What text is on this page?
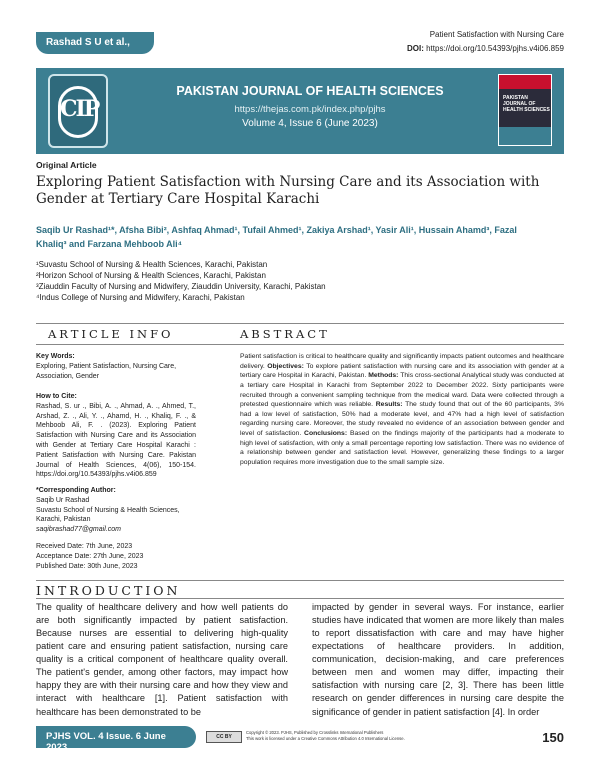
Rashad S U et al.,
Patient Satisfaction with Nursing Care
DOI: https://doi.org/10.54393/pjhs.v4i06.859
CIP
PAKISTAN JOURNAL OF HEALTH SCIENCES
https://thejas.com.pk/index.php/pjhs
Volume 4, Issue 6 (June 2023)
PAKISTAN
JOURNAL OF
HEALTH SCIENCES
Original Article
Exploring Patient Satisfaction with Nursing Care and its Association with Gender at Tertiary Care Hospital Karachi
Saqib Ur Rashad¹*, Afsha Bibi², Ashfaq Ahmad¹, Tufail Ahmed¹, Zakiya Arshad¹, Yasir Ali¹, Hussain Ahamd³, Fazal
Khaliq³ and Farzana Mehboob Ali⁴
¹Suvastu School of Nursing & Health Sciences, Karachi, Pakistan
²Horizon School of Nursing & Health Sciences, Karachi, Pakistan
³Ziauddin Faculty of Nursing and Midwifery, Ziauddin University, Karachi, Pakistan
⁴Indus College of Nursing and Midwifery, Karachi, Pakistan
ARTICLE INFO	ABSTRACT
Key Words:
Exploring, Patient Satisfaction, Nursing Care, Association, Gender
How to Cite:
Rashad, S. ur ., Bibi, A. ., Ahmad, A. ., Ahmed, T., Arshad, Z. ., Ali, Y. ., Ahamd, H. ., Khaliq, F. ., & Mehboob Ali, F. . (2023). Exploring Patient Satisfaction with Nursing Care and its Association with Gender at Tertiary Care Hospital Karachi : Patient Satisfaction with Nursing Care. Pakistan Journal of Health Sciences, 4(06), 150-154. https://doi.org/10.54393/pjhs.v4i06.859
*Corresponding Author:
Saqib Ur Rashad
Suvastu School of Nursing & Health Sciences, Karachi, Pakistan
saqibrashad77@gmail.com
Received Date: 7th June, 2023
Acceptance Date: 27th June, 2023
Published Date: 30th June, 2023
Patient satisfaction is critical to healthcare quality and significantly impacts patient outcomes and healthcare delivery. Objectives: To explore patient satisfaction with nursing care and its association with gender at a tertiary care Hospital in Karachi, Pakistan. Methods: This cross-sectional Analytical study was conducted at a tertiary care Hospital in Karachi from September 2022 to December 2022. Sixty participants were recruited through a convenient sampling technique from the medical ward. Data were collected through a pretested questionnaire which was reliable. Results: The study found that out of the 60 participants, 3% had a low level of satisfaction, 50% had a moderate level, and 47% had a high level of satisfaction regarding nursing care. Moreover, the study revealed no evidence of an association between gender and level of satisfaction. Conclusions: Based on the findings majority of the participants had a moderate to high level of satisfaction, with only a small percentage reporting low satisfaction. There was no evidence of a relationship between gender and satisfaction level. However, generalizing these findings to a larger population requires more investigation due to the small sample size.
INTRODUCTION
The quality of healthcare delivery and how well patients do are both significantly impacted by patient satisfaction. Because nurses are essential to delivering high-quality patient care and ensuring patient satisfaction, nursing care quality is a critical component of healthcare quality overall. The patient's gender, among other factors, may impact how happy they are with their nursing care and how they view and interact with healthcare [1]. Patient satisfaction with healthcare has been demonstrated to be
impacted by gender in several ways. For instance, earlier studies have indicated that women are more likely than males to report dissatisfaction with care and may have higher expectations of healthcare providers. In addition, communication, decision-making, and care preferences between men and women may differ, impacting their satisfaction with nursing care [2, 3]. There has been little research on gender differences in nursing care despite the significance of gender in patient satisfaction [4]. In order
PJHS VOL. 4 Issue. 6 June 2023
CC BY
Copyright © 2023. PJHS, Published by Crosslinks International Publishers
This work is licensed under a Creative Commons Attribution 4.0 International License.	150
